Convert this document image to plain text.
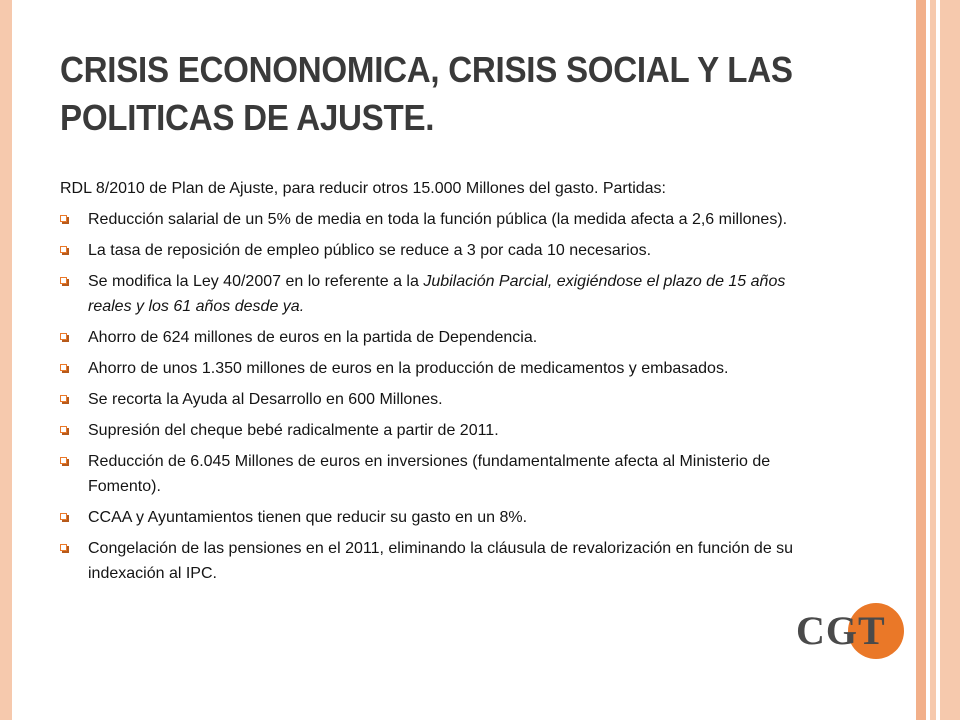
CRISIS ECONONOMICA, CRISIS SOCIAL Y LAS POLITICAS DE AJUSTE.

RDL 8/2010 de Plan de Ajuste, para reducir otros 15.000 Millones del gasto. Partidas:

Reducción salarial de un 5% de media en toda la función pública (la medida afecta a 2,6 millones).
La tasa de reposición de empleo público se reduce a 3 por cada 10 necesarios.
Se modifica la Ley 40/2007 en lo referente a la Jubilación Parcial, exigiéndose el plazo de 15 años reales y los 61 años desde ya.
Ahorro de 624 millones de euros en la partida de Dependencia.
Ahorro de unos 1.350 millones de euros en la producción de medicamentos y embasados.
Se recorta la Ayuda al Desarrollo en 600 Millones.
Supresión del cheque bebé radicalmente a partir de 2011.
Reducción de 6.045 Millones de euros en inversiones (fundamentalmente afecta al Ministerio de Fomento).
CCAA y Ayuntamientos tienen que reducir su gasto en un 8%.
Congelación de las pensiones en el 2011, eliminando la cláusula de revalorización en función de su indexación al IPC.
CGT
